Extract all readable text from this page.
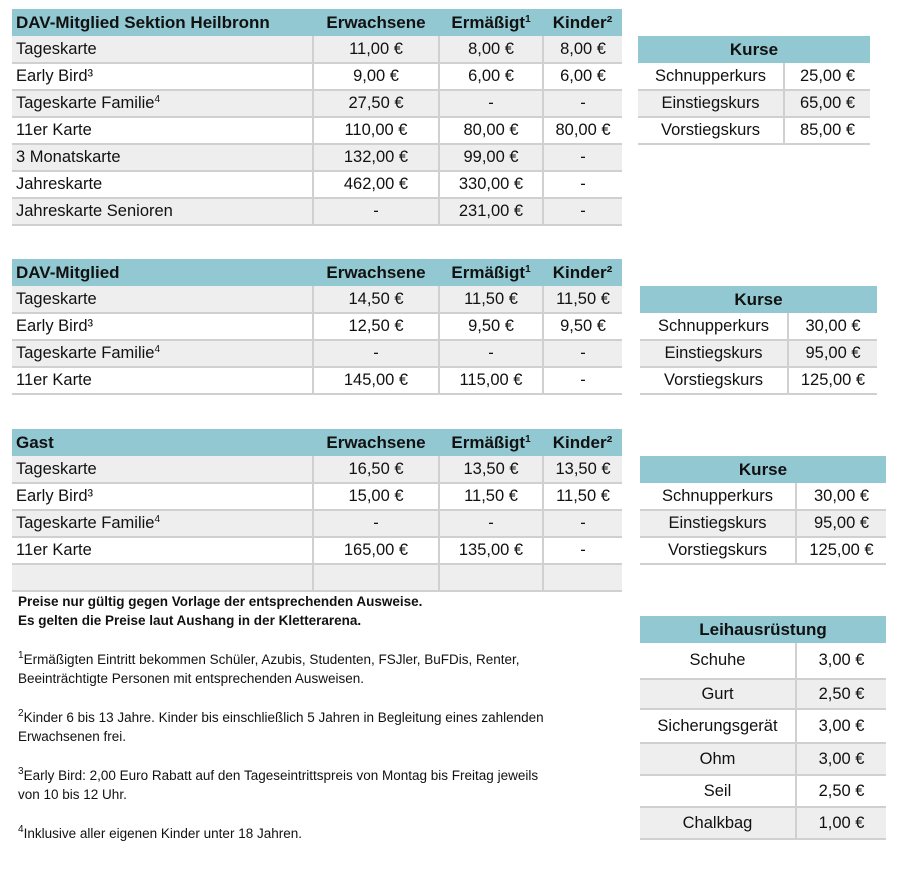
DAV-Mitglied Sektion Heilbronn	Erwachsene	Ermäßigt$^1$	Kinder²
Tageskarte	11,00 €	8,00 €	8,00 €
Early Bird³	9,00 €	6,00 €	6,00 €
Tageskarte Familie$^4$	27,50 €	-	-
11er Karte	110,00 €	80,00 €	80,00 €
3 Monatskarte	132,00 €	99,00 €	-
Jahreskarte	462,00 €	330,00 €	-
Jahreskarte Senioren	-	231,00 €	-
DAV-Mitglied	Erwachsene	Ermäßigt$^1$	Kinder²
Tageskarte	14,50 €	11,50 €	11,50 €
Early Bird³	12,50 €	9,50 €	9,50 €
Tageskarte Familie$^4$	-	-	-
11er Karte	145,00 €	115,00 €	-
Gast	Erwachsene	Ermäßigt$^1$	Kinder²
Tageskarte	16,50 €	13,50 €	13,50 €
Early Bird³	15,00 €	11,50 €	11,50 €
Tageskarte Familie$^4$	-	-	-
11er Karte	165,00 €	135,00 €	-

Kurse	
Schnupperkurs	25,00 €
Einstiegskurs	65,00 €
Vorstiegskurs	85,00 €
Kurse	
Schnupperkurs	30,00 €
Einstiegskurs	95,00 €
Vorstiegskurs	125,00 €
Kurse	
Schnupperkurs	30,00 €
Einstiegskurs	95,00 €
Vorstiegskurs	125,00 €
Leihausrüstung	
Schuhe	3,00 €
Gurt	2,50 €
Sicherungsgerät	3,00 €
Ohm	3,00 €
Seil	2,50 €
Chalkbag	1,00 €

Preise nur gültig gegen Vorlage der entsprechenden Ausweise.

Es gelten die Preise laut Aushang in der Kletterarena.

$^1$Ermäßigten Eintritt bekommen Schüler, Azubis, Studenten, FSJler, BuFDis, Renter,

Beeinträchtigte Personen mit entsprechenden Ausweisen.

$^2$Kinder 6 bis 13 Jahre. Kinder bis einschließlich 5 Jahren in Begleitung eines zahlenden

Erwachsenen frei.

$^3$Early Bird: 2,00 Euro Rabatt auf den Tageseintrittspreis von Montag bis Freitag jeweils

von 10 bis 12 Uhr.

$^4$Inklusive aller eigenen Kinder unter 18 Jahren.
